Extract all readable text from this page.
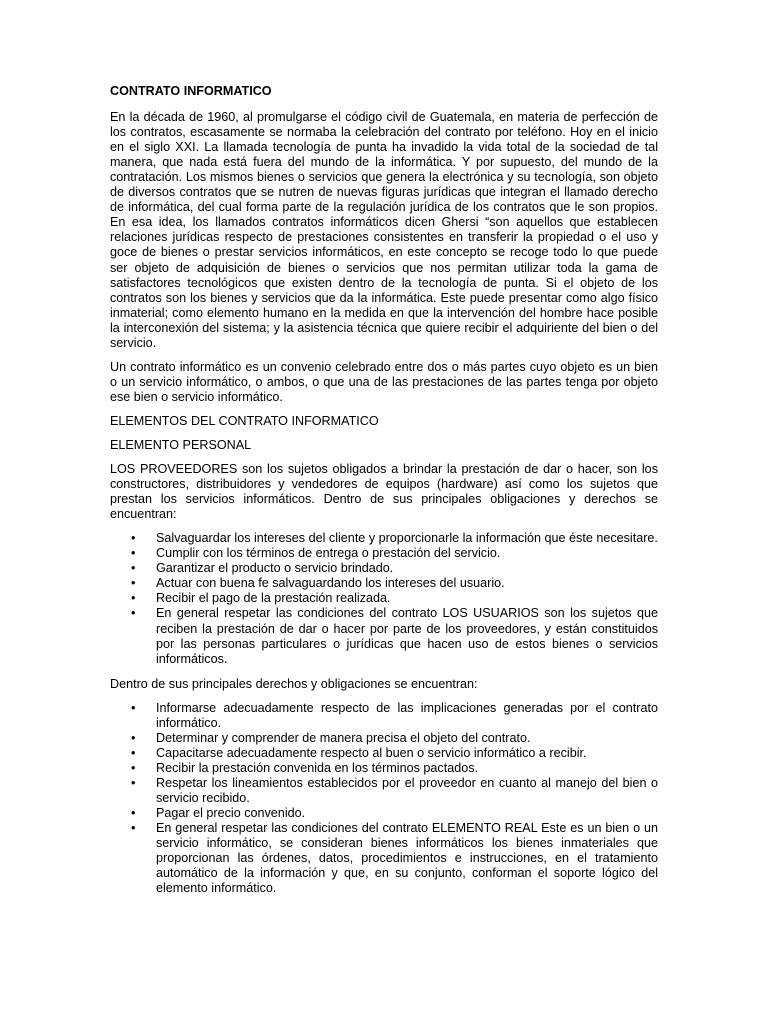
CONTRATO INFORMATICO

En la década de 1960, al promulgarse el código civil de Guatemala, en materia de perfección de los contratos, escasamente se normaba la celebración del contrato por teléfono. Hoy en el inicio en el siglo XXI. La llamada tecnología de punta ha invadido la vida total de la sociedad de tal manera, que nada está fuera del mundo de la informática. Y por supuesto, del mundo de la contratación. Los mismos bienes o servicios que genera la electrónica y su tecnología, son objeto de diversos contratos que se nutren de nuevas figuras jurídicas que integran el llamado derecho de informática, del cual forma parte de la regulación jurídica de los contratos que le son propios. En esa idea, los llamados contratos informáticos dicen Ghersi “son aquellos que establecen relaciones jurídicas respecto de prestaciones consistentes en transferir la propiedad o el uso y goce de bienes o prestar servicios informáticos, en este concepto se recoge todo lo que puede ser objeto de adquisición de bienes o servicios que nos permitan utilizar toda la gama de satisfactores tecnológicos que existen dentro de la tecnología de punta. Si el objeto de los contratos son los bienes y servicios que da la informática. Este puede presentar como algo físico inmaterial; como elemento humano en la medida en que la intervención del hombre hace posible la interconexión del sistema; y la asistencia técnica que quiere recibir el adquiriente del bien o del servicio.

Un contrato informático es un convenio celebrado entre dos o más partes cuyo objeto es un bien o un servicio informático, o ambos, o que una de las prestaciones de las partes tenga por objeto ese bien o servicio informático.

ELEMENTOS DEL CONTRATO INFORMATICO
ELEMENTO PERSONAL

LOS PROVEEDORES son los sujetos obligados a brindar la prestación de dar o hacer, son los constructores, distribuidores y vendedores de equipos (hardware) así como los sujetos que prestan los servicios informáticos. Dentro de sus principales obligaciones y derechos se encuentran:

• Salvaguardar los intereses del cliente y proporcionarle la información que éste necesitare.
• Cumplir con los términos de entrega o prestación del servicio.
• Garantizar el producto o servicio brindado.
• Actuar con buena fe salvaguardando los intereses del usuario.
• Recibir el pago de la prestación realizada.
• En general respetar las condiciones del contrato LOS USUARIOS son los sujetos que reciben la prestación de dar o hacer por parte de los proveedores, y están constituidos por las personas particulares o jurídicas que hacen uso de estos bienes o servicios informáticos.

Dentro de sus principales derechos y obligaciones se encuentran:

• Informarse adecuadamente respecto de las implicaciones generadas por el contrato informático.
• Determinar y comprender de manera precisa el objeto del contrato.
• Capacitarse adecuadamente respecto al buen o servicio informático a recibir.
• Recibir la prestación convenida en los términos pactados.
• Respetar los lineamientos establecidos por el proveedor en cuanto al manejo del bien o servicio recibido.
• Pagar el precio convenido.
• En general respetar las condiciones del contrato ELEMENTO REAL Este es un bien o un servicio informático, se consideran bienes informáticos los bienes inmateriales que proporcionan las órdenes, datos, procedimientos e instrucciones, en el tratamiento automático de la información y que, en su conjunto, conforman el soporte lógico del elemento informático.
